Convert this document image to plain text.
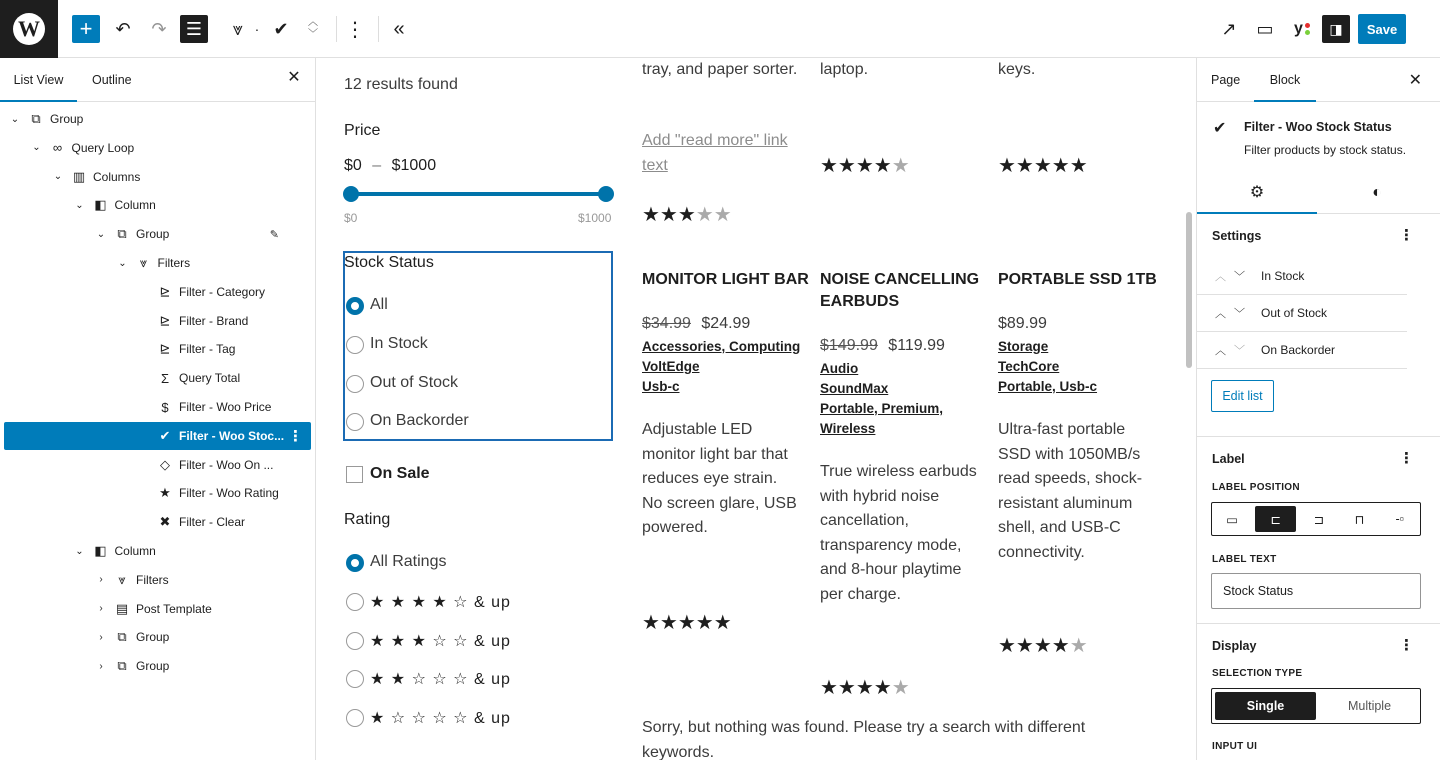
W	+	↶	↷	☰	⩔ · ✔	︿
﹀ ⋮	«	↗	▭ y	◨	Save
List View	Outline	✕
⌄ ⧉ Group
⌄ ∞ Query Loop
⌄ ▥ Columns
⌄ ◧ Column
⌄ ⧉ Group	✎
⌄	⩔ Filters
⊵ Filter - Category
⊵ Filter - Brand
⊵ Filter - Tag
Σ Query Total
$ Filter - Woo Price
✔ Filter - Woo Stoc... ⋮
◇ Filter - Woo On ...
★ Filter - Woo Rating
✖ Filter - Clear
⌄ ◧ Column
›	⩔ Filters
›	▤ Post Template
›	⧉ Group
›	⧉ Group
12 results found
Price
$0 – $1000
$0	$1000
Stock Status
All
In Stock
Out of Stock
On Backorder
On Sale
Rating
All Ratings
★ ★ ★ ★ ☆ & up
★ ★ ★ ☆ ☆ & up
★ ★ ☆ ☆ ☆ & up
★ ☆ ☆ ☆ ☆ & up
tray, and paper sorter. laptop.	keys.
Add "read more" link text
★★★★★
★★★★★	★★★★★
MONITOR LIGHT BAR
$34.99 $24.99
Accessories, Computing
VoltEdge
Usb-c
Adjustable LED monitor light bar that reduces eye strain. No screen glare, USB powered.
★★★★★
NOISE CANCELLING EARBUDS
$149.99 $119.99
Audio
SoundMax
Portable, Premium, Wireless
True wireless earbuds with hybrid noise cancellation, transparency mode, and 8-hour playtime per charge.
★★★★★
PORTABLE SSD 1TB
$89.99
Storage
TechCore
Portable, Usb-c
Ultra-fast portable SSD with 1050MB/s read speeds, shock-resistant aluminum shell, and USB-C connectivity.
★★★★★
Sorry, but nothing was found. Please try a search with different keywords.
Page	Block	✕
✔ Filter - Woo Stock Status
Filter products by stock status.
⚙	◐
Settings	⋮
︿﹀ In Stock
︿﹀ Out of Stock
︿﹀ On Backorder
Edit list
Label	⋮
LABEL POSITION
▭	⊏	⊐	⊓	-▫
LABEL TEXT
Stock Status
Display	⋮
SELECTION TYPE
Single	Multiple
INPUT UI
